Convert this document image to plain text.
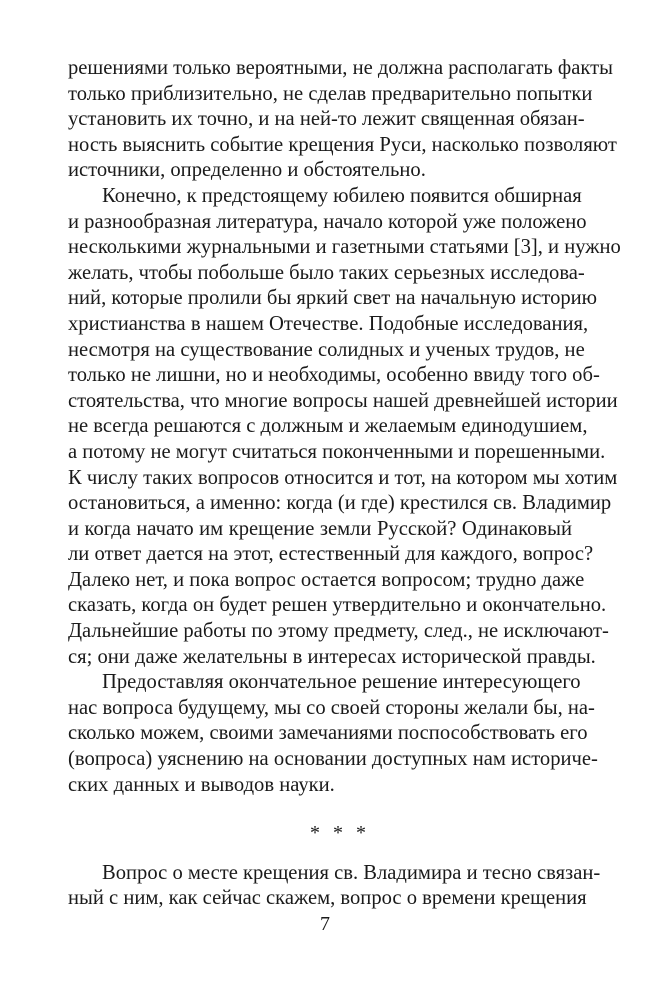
решениями только вероятными, не должна располагать факты
только приблизительно, не сделав предварительно попытки
установить их точно, и на ней-то лежит священная обязан-
ность выяснить событие крещения Руси, насколько позволяют
источники, определенно и обстоятельно.
Конечно, к предстоящему юбилею появится обширная
и разнообразная литература, начало которой уже положено
несколькими журнальными и газетными статьями [3], и нужно
желать, чтобы побольше было таких серьезных исследова-
ний, которые пролили бы яркий свет на начальную историю
христианства в нашем Отечестве. Подобные исследования,
несмотря на существование солидных и ученых трудов, не
только не лишни, но и необходимы, особенно ввиду того об-
стоятельства, что многие вопросы нашей древнейшей истории
не всегда решаются с должным и желаемым единодушием,
а потому не могут считаться поконченными и порешенными.
К числу таких вопросов относится и тот, на котором мы хотим
остановиться, а именно: когда (и где) крестился св. Владимир
и когда начато им крещение земли Русской? Одинаковый
ли ответ дается на этот, естественный для каждого, вопрос?
Далеко нет, и пока вопрос остается вопросом; трудно даже
сказать, когда он будет решен утвердительно и окончательно.
Дальнейшие работы по этому предмету, след., не исключают-
ся; они даже желательны в интересах исторической правды.
Предоставляя окончательное решение интересующего
нас вопроса будущему, мы со своей стороны желали бы, на-
сколько можем, своими замечаниями поспособствовать его
(вопроса) уяснению на основании доступных нам историче-
ских данных и выводов науки.
* * *
Вопрос о месте крещения св. Владимира и тесно связан-
ный с ним, как сейчас скажем, вопрос о времени крещения
7
